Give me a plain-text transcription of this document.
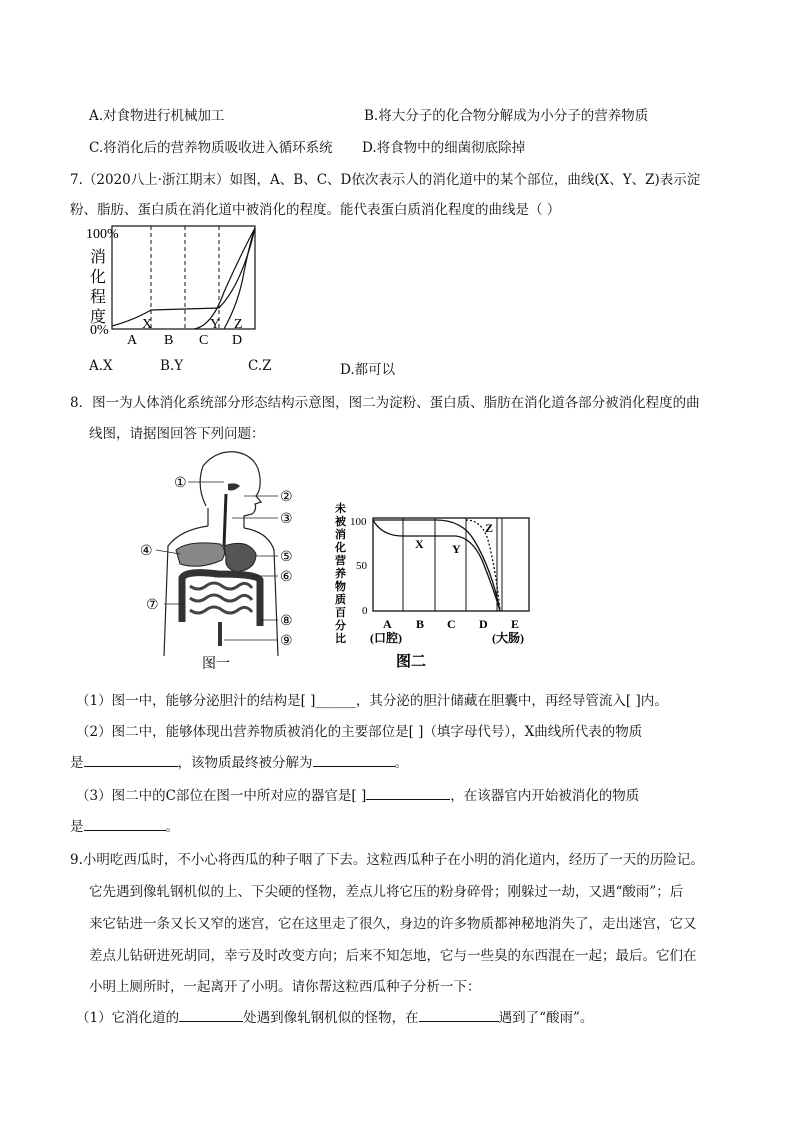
A.对食物进行机械加工	B.将大分子的化合物分解成为小分子的营养物质
C.将消化后的营养物质吸收进入循环系统 D.将食物中的细菌彻底除掉
7.（2020八上·浙江期末）如图，A、B、C、D依次表示人的消化道中的某个部位，曲线(X、Y、Z)表示淀
粉、脂肪、蛋白质在消化道中被消化的程度。能代表蛋白质消化程度的曲线是（ ）
100%
消
化
程
度
0% X	Y Z
A B C D
A.X	B.Y	C.Z	D.都可以
8．图一为人体消化系统部分形态结构示意图，图二为淀粉、蛋白质、脂肪在消化道各部分被消化程度的曲
线图，请据图回答下列问题：
①
②
③
④	⑤
⑥
⑦
⑧
⑨
图一
未
被
消
化
营
养
物
质
百
分
比
100
50
0
X Y
Z
A B C D E
(口腔)	(大肠)
图二
（1）图一中，能够分泌胆汁的结构是[ ]______，其分泌的胆汁储藏在胆囊中，再经导管流入[ ]内。
（2）图二中，能够体现出营养物质被消化的主要部位是[ ]（填字母代号），X曲线所代表的物质
是	，该物质最终被分解为	。
（3）图二中的C部位在图一中所对应的器官是[ ]	，在该器官内开始被消化的物质
是	。
9.小明吃西瓜时，不小心将西瓜的种子咽了下去。这粒西瓜种子在小明的消化道内，经历了一天的历险记。
它先遇到像轧钢机似的上、下尖硬的怪物，差点儿将它压的粉身碎骨；刚躲过一劫，又遇“酸雨”；后
来它钻进一条又长又窄的迷宫，它在这里走了很久，身边的许多物质都神秘地消失了，走出迷宫，它又
差点儿钻研进死胡同，幸亏及时改变方向；后来不知怎地，它与一些臭的东西混在一起；最后。它们在
小明上厕所时，一起离开了小明。请你帮这粒西瓜种子分析一下：
（1）它消化道的	处遇到像轧钢机似的怪物，在	遇到了“酸雨”。
